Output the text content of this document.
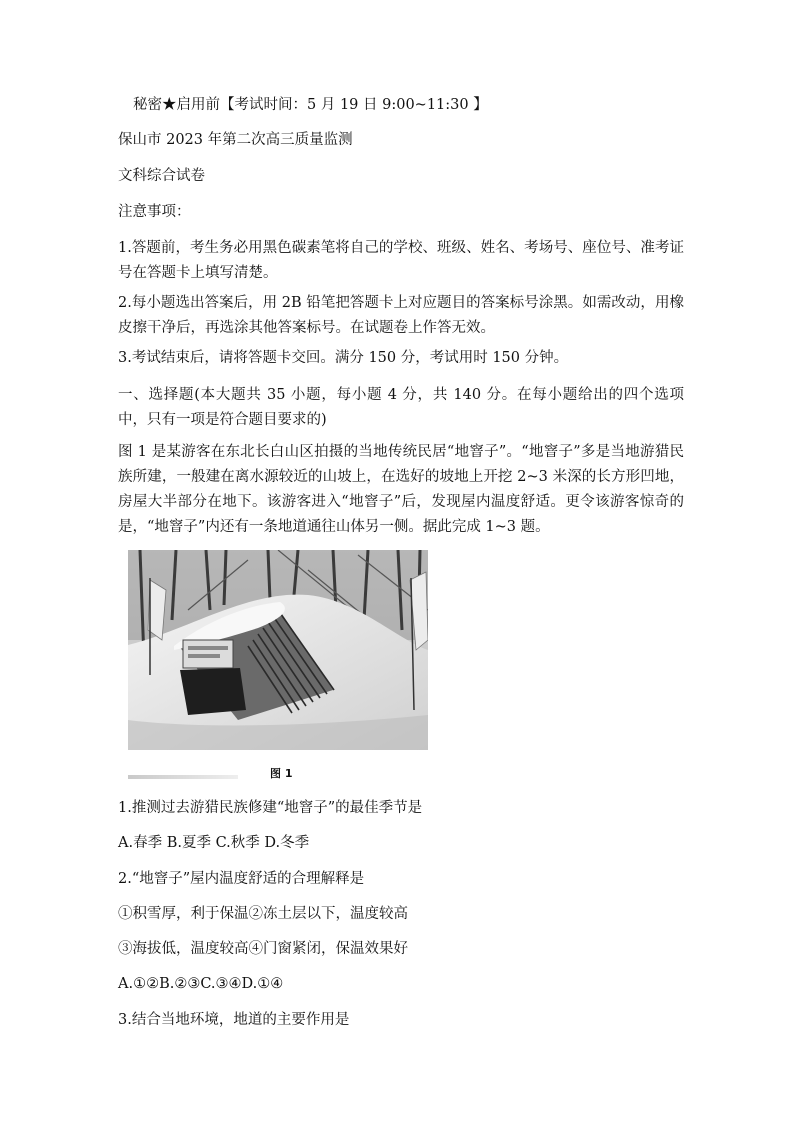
秘密★启用前【考试时间：5 月 19 日 9:00~11:30 】
保山市 2023 年第二次高三质量监测
文科综合试卷
注意事项：
1.答题前，考生务必用黑色碳素笔将自己的学校、班级、姓名、考场号、座位号、准考证号在答题卡上填写清楚。
2.每小题选出答案后，用 2B 铅笔把答题卡上对应题目的答案标号涂黑。如需改动，用橡皮擦干净后，再选涂其他答案标号。在试题卷上作答无效。
3.考试结束后，请将答题卡交回。满分 150 分，考试用时 150 分钟。
一、选择题(本大题共 35 小题，每小题 4 分，共 140 分。在每小题给出的四个选项中，只有一项是符合题目要求的)
图 1 是某游客在东北长白山区拍摄的当地传统民居“地窨子”。“地窨子”多是当地游猎民族所建，一般建在离水源较近的山坡上，在选好的坡地上开挖 2~3 米深的长方形凹地，房屋大半部分在地下。该游客进入“地窨子”后，发现屋内温度舒适。更令该游客惊奇的是，“地窨子”内还有一条地道通往山体另一侧。据此完成 1~3 题。
图 1
1.推测过去游猎民族修建“地窨子”的最佳季节是
A.春季 B.夏季 C.秋季 D.冬季
2.“地窨子”屋内温度舒适的合理解释是
①积雪厚，利于保温②冻土层以下，温度较高
③海拔低，温度较高④门窗紧闭，保温效果好
A.①②B.②③C.③④D.①④
3.结合当地环境，地道的主要作用是
